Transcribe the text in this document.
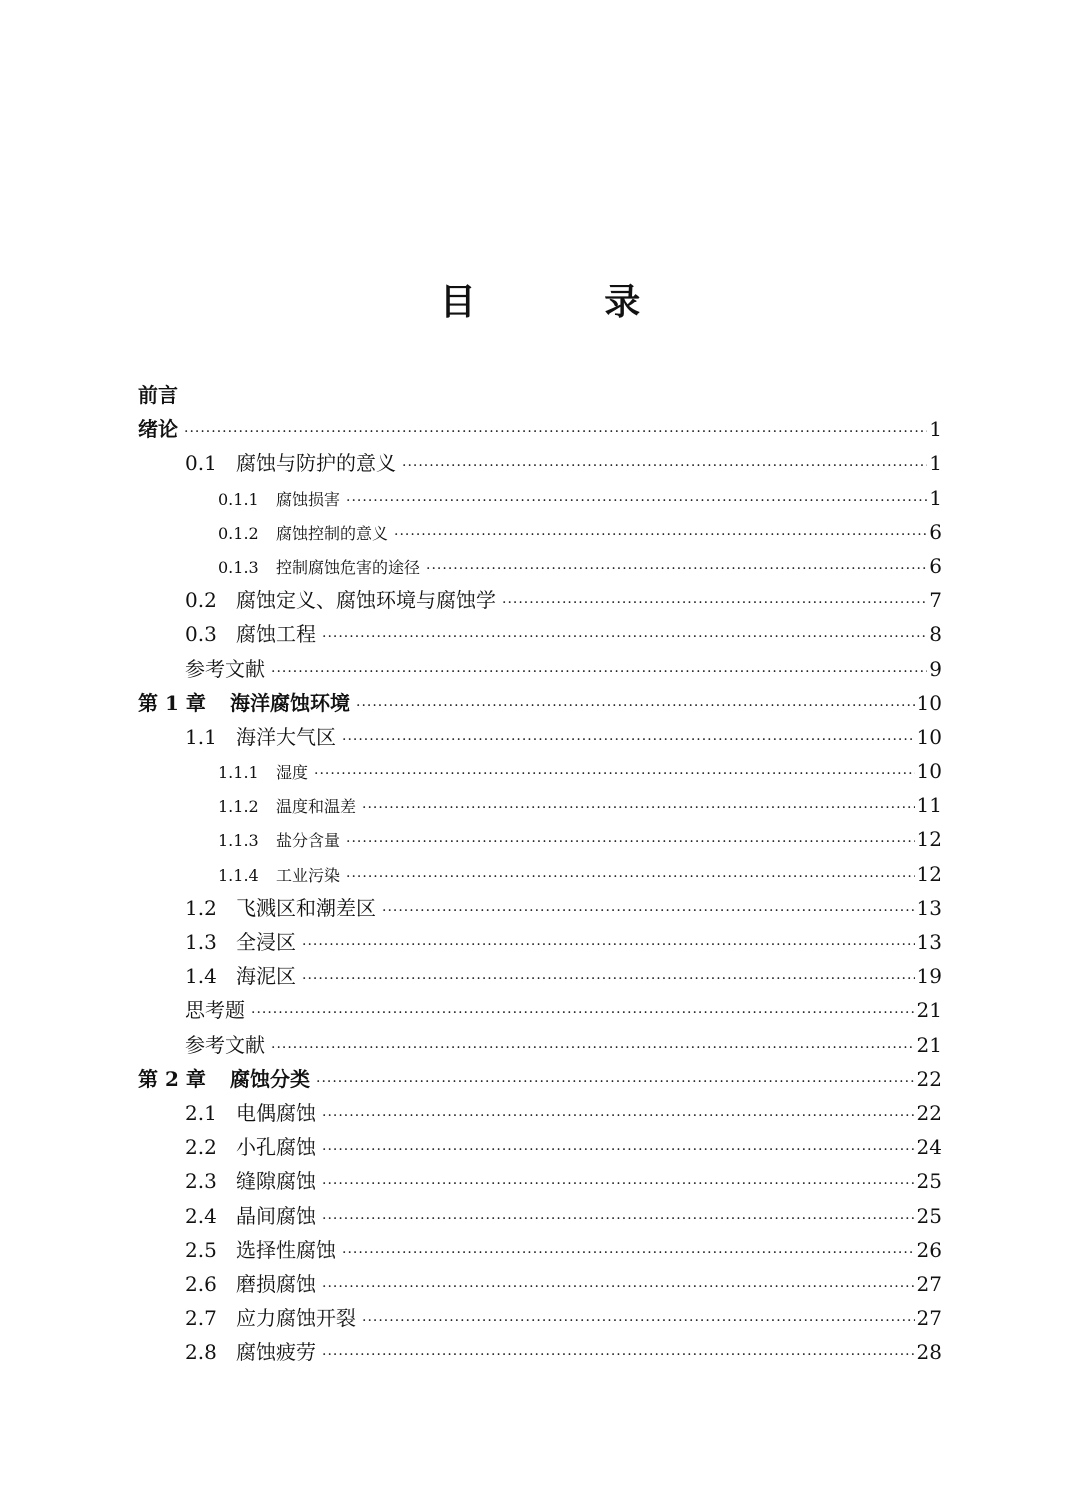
目 录
前言
绪论 ·····	1
0.1 腐蚀与防护的意义 ·····	1
0.1.1	腐蚀损害 ·····	1
0.1.2	腐蚀控制的意义 ·····	6
0.1.3	控制腐蚀危害的途径 ·····	6
0.2 腐蚀定义、腐蚀环境与腐蚀学 ·····	7
0.3 腐蚀工程 ·····	8
参考文献 ·····	9
第 1 章	海洋腐蚀环境 ·····	10
1.1 海洋大气区 ·····	10
1.1.1	湿度 ·····	10
1.1.2	温度和温差 ·····	11
1.1.3	盐分含量 ·····	12
1.1.4	工业污染 ·····	12
1.2 飞溅区和潮差区 ·····	13
1.3 全浸区 ·····	13
1.4 海泥区 ·····	19
思考题 ·····	21
参考文献 ·····	21
第 2 章	腐蚀分类 ·····	22
2.1 电偶腐蚀 ·····	22
2.2 小孔腐蚀 ·····	24
2.3 缝隙腐蚀 ·····	25
2.4 晶间腐蚀 ·····	25
2.5 选择性腐蚀 ·····	26
2.6 磨损腐蚀 ·····	27
2.7 应力腐蚀开裂 ·····	27
2.8 腐蚀疲劳 ·····	28
